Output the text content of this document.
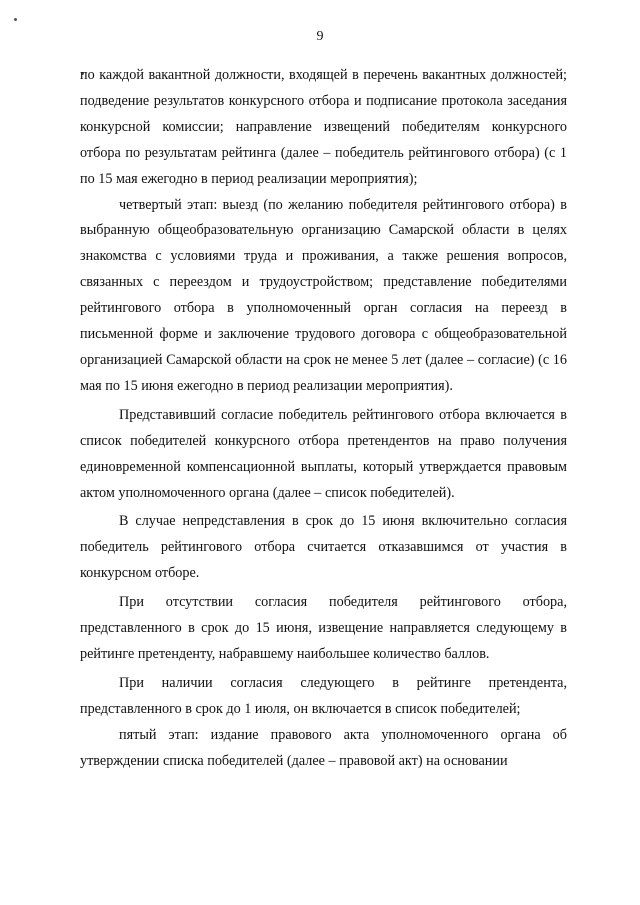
9

по каждой вакантной должности, входящей в перечень вакантных должностей; подведение результатов конкурсного отбора и подписание протокола заседания конкурсной комиссии; направление извещений победителям конкурсного отбора по результатам рейтинга (далее – победитель рейтингового отбора) (с 1 по 15 мая ежегодно в период реализации мероприятия);

четвертый этап: выезд (по желанию победителя рейтингового отбора) в выбранную общеобразовательную организацию Самарской области в целях знакомства с условиями труда и проживания, а также решения вопросов, связанных с переездом и трудоустройством; представление победителями рейтингового отбора в уполномоченный орган согласия на переезд в письменной форме и заключение трудового договора с общеобразовательной организацией Самарской области на срок не менее 5 лет (далее – согласие) (с 16 мая по 15 июня ежегодно в период реализации мероприятия).

Представивший согласие победитель рейтингового отбора включается в список победителей конкурсного отбора претендентов на право получения единовременной компенсационной выплаты, который утверждается правовым актом уполномоченного органа (далее – список победителей).

В случае непредставления в срок до 15 июня включительно согласия победитель рейтингового отбора считается отказавшимся от участия в конкурсном отборе.

При отсутствии согласия победителя рейтингового отбора, представленного в срок до 15 июня, извещение направляется следующему в рейтинге претенденту, набравшему наибольшее количество баллов.

При наличии согласия следующего в рейтинге претендента, представленного в срок до 1 июля, он включается в список победителей;

пятый этап: издание правового акта уполномоченного органа об утверждении списка победителей (далее – правовой акт) на основании
